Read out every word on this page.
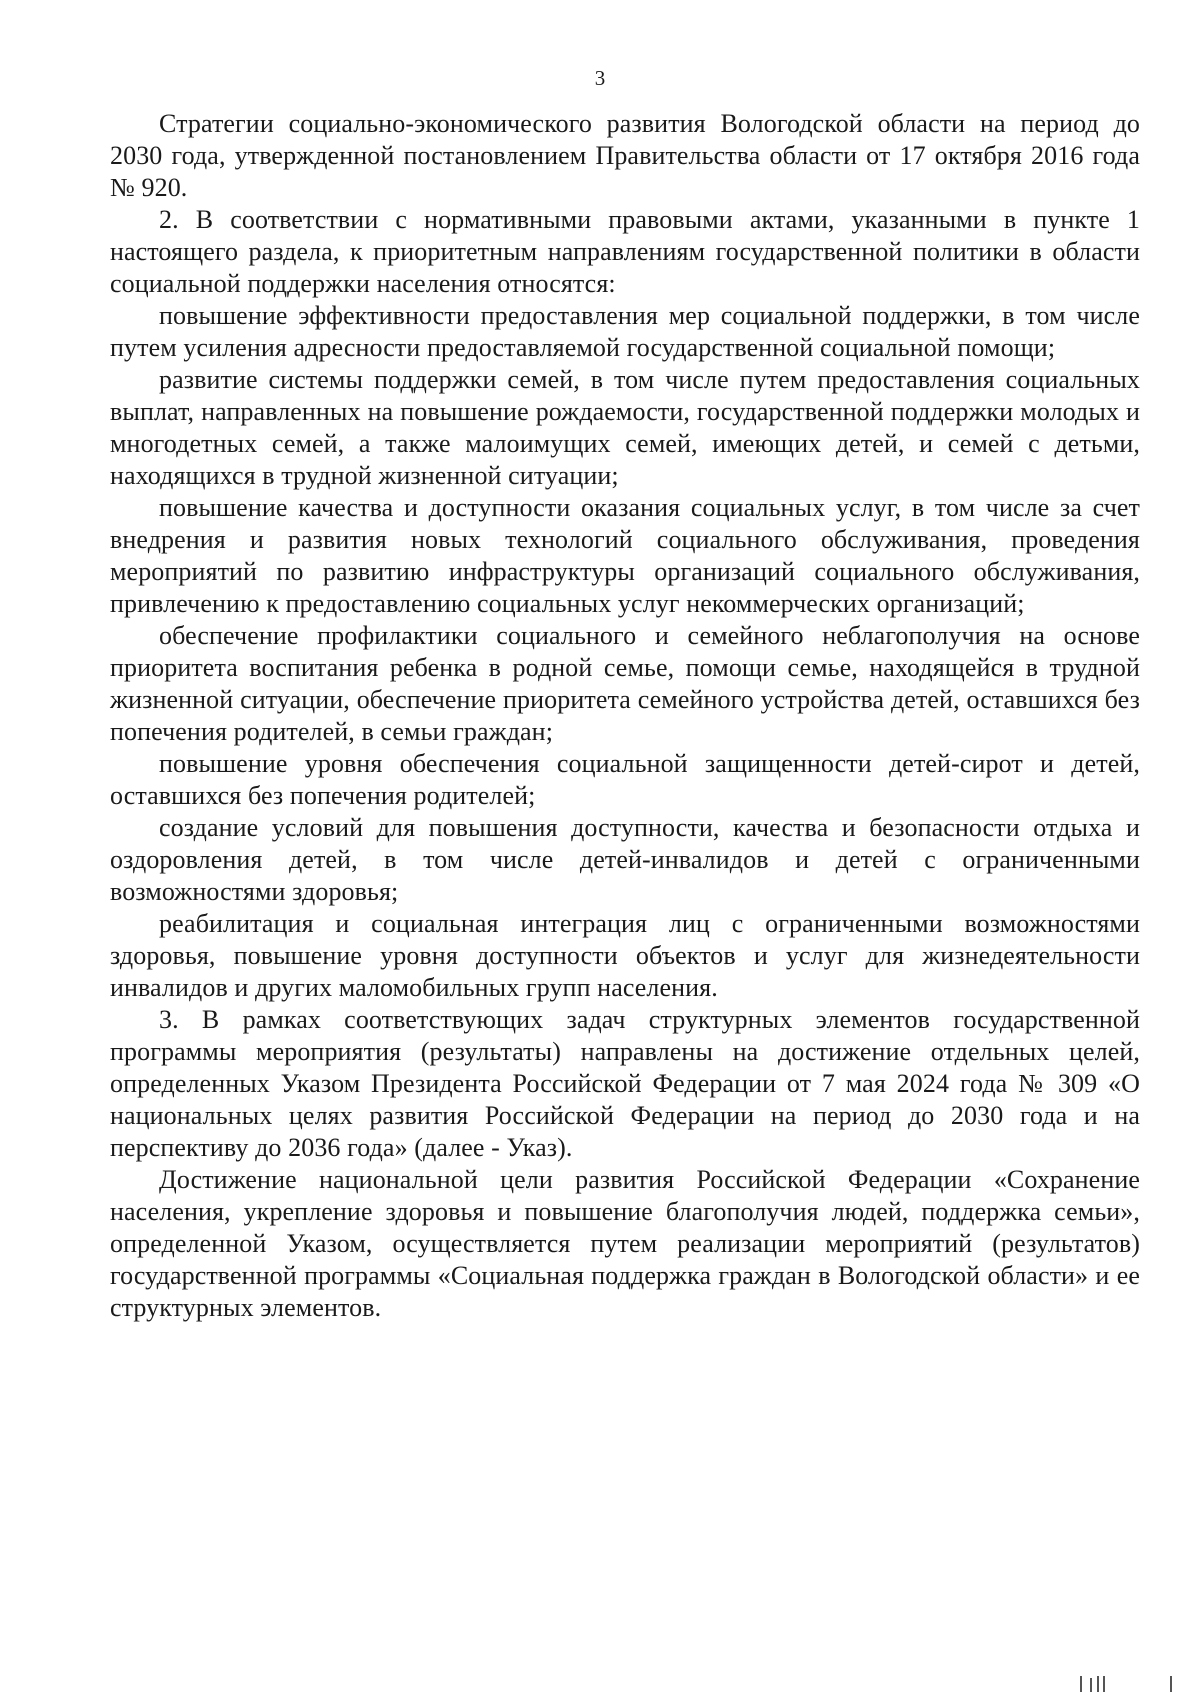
3

Стратегии социально-экономического развития Вологодской области на период до 2030 года, утвержденной постановлением Правительства области от 17 октября 2016 года № 920.

2. В соответствии с нормативными правовыми актами, указанными в пункте 1 настоящего раздела, к приоритетным направлениям государственной политики в области социальной поддержки населения относятся:

повышение эффективности предоставления мер социальной поддержки, в том числе путем усиления адресности предоставляемой государственной социальной помощи;

развитие системы поддержки семей, в том числе путем предоставления социальных выплат, направленных на повышение рождаемости, государственной поддержки молодых и многодетных семей, а также малоимущих семей, имеющих детей, и семей с детьми, находящихся в трудной жизненной ситуации;

повышение качества и доступности оказания социальных услуг, в том числе за счет внедрения и развития новых технологий социального обслуживания, проведения мероприятий по развитию инфраструктуры организаций социального обслуживания, привлечению к предоставлению социальных услуг некоммерческих организаций;

обеспечение профилактики социального и семейного неблагополучия на основе приоритета воспитания ребенка в родной семье, помощи семье, находящейся в трудной жизненной ситуации, обеспечение приоритета семейного устройства детей, оставшихся без попечения родителей, в семьи граждан;

повышение уровня обеспечения социальной защищенности детей-сирот и детей, оставшихся без попечения родителей;

создание условий для повышения доступности, качества и безопасности отдыха и оздоровления детей, в том числе детей-инвалидов и детей с ограниченными возможностями здоровья;

реабилитация и социальная интеграция лиц с ограниченными возможностями здоровья, повышение уровня доступности объектов и услуг для жизнедеятельности инвалидов и других маломобильных групп населения.

3. В рамках соответствующих задач структурных элементов государственной программы мероприятия (результаты) направлены на достижение отдельных целей, определенных Указом Президента Российской Федерации от 7 мая 2024 года № 309 «О национальных целях развития Российской Федерации на период до 2030 года и на перспективу до 2036 года» (далее - Указ).

Достижение национальной цели развития Российской Федерации «Сохранение населения, укрепление здоровья и повышение благополучия людей, поддержка семьи», определенной Указом, осуществляется путем реализации мероприятий (результатов) государственной программы «Социальная поддержка граждан в Вологодской области» и ее структурных элементов.
